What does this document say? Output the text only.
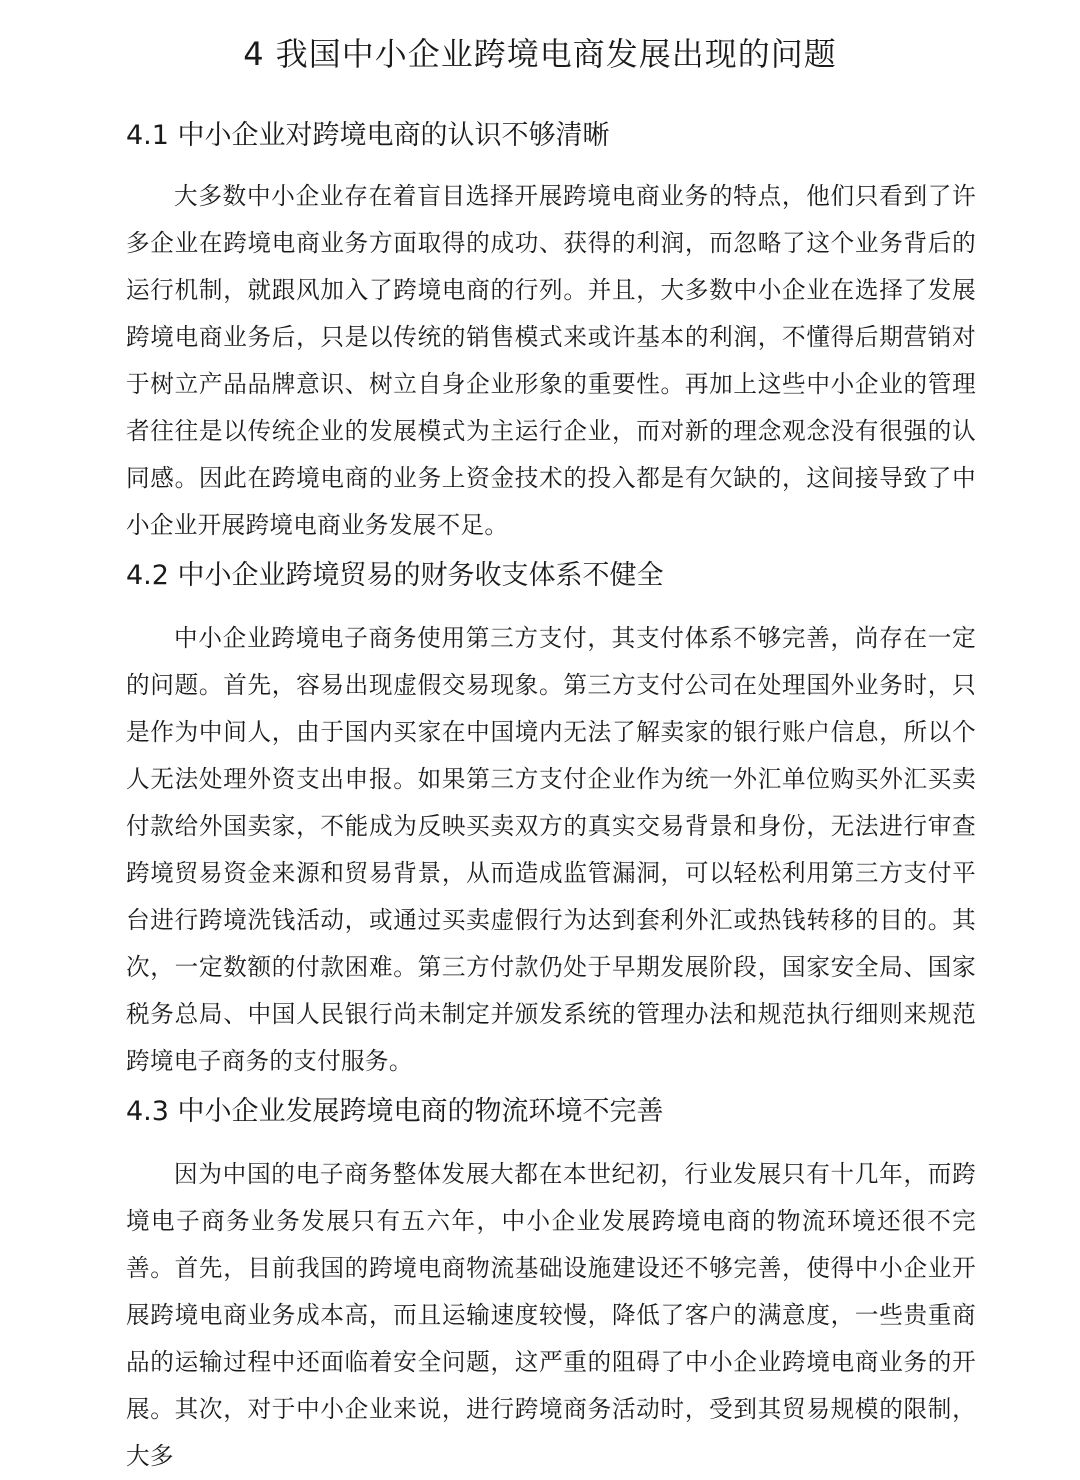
4 我国中小企业跨境电商发展出现的问题
4.1 中小企业对跨境电商的认识不够清晰

大多数中小企业存在着盲目选择开展跨境电商业务的特点，他们只看到了许多企业在跨境电商业务方面取得的成功、获得的利润，而忽略了这个业务背后的运行机制，就跟风加入了跨境电商的行列。并且，大多数中小企业在选择了发展跨境电商业务后，只是以传统的销售模式来或许基本的利润，不懂得后期营销对于树立产品品牌意识、树立自身企业形象的重要性。再加上这些中小企业的管理者往往是以传统企业的发展模式为主运行企业，而对新的理念观念没有很强的认同感。因此在跨境电商的业务上资金技术的投入都是有欠缺的，这间接导致了中小企业开展跨境电商业务发展不足。

4.2 中小企业跨境贸易的财务收支体系不健全

中小企业跨境电子商务使用第三方支付，其支付体系不够完善，尚存在一定的问题。首先，容易出现虚假交易现象。第三方支付公司在处理国外业务时，只是作为中间人，由于国内买家在中国境内无法了解卖家的银行账户信息，所以个人无法处理外资支出申报。如果第三方支付企业作为统一外汇单位购买外汇买卖付款给外国卖家，不能成为反映买卖双方的真实交易背景和身份，无法进行审查跨境贸易资金来源和贸易背景，从而造成监管漏洞，可以轻松利用第三方支付平台进行跨境洗钱活动，或通过买卖虚假行为达到套利外汇或热钱转移的目的。其次，一定数额的付款困难。第三方付款仍处于早期发展阶段，国家安全局、国家税务总局、中国人民银行尚未制定并颁发系统的管理办法和规范执行细则来规范跨境电子商务的支付服务。

4.3 中小企业发展跨境电商的物流环境不完善

因为中国的电子商务整体发展大都在本世纪初，行业发展只有十几年，而跨境电子商务业务发展只有五六年，中小企业发展跨境电商的物流环境还很不完善。首先，目前我国的跨境电商物流基础设施建设还不够完善，使得中小企业开展跨境电商业务成本高，而且运输速度较慢，降低了客户的满意度，一些贵重商品的运输过程中还面临着安全问题，这严重的阻碍了中小企业跨境电商业务的开展。其次，对于中小企业来说，进行跨境商务活动时，受到其贸易规模的限制，大多
